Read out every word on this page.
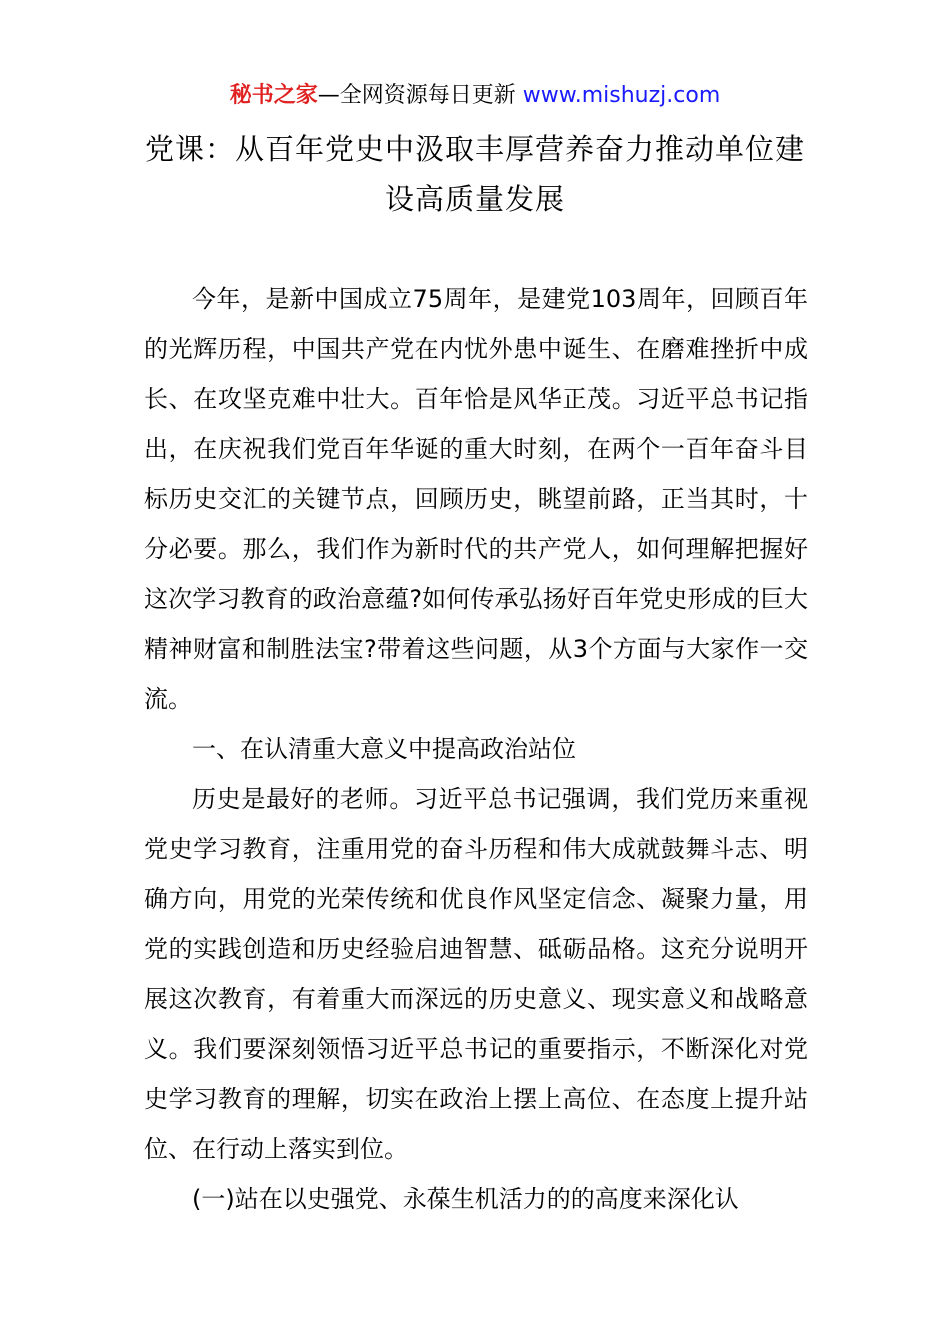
秘书之家—全网资源每日更新 www.mishuzj.com
党课：从百年党史中汲取丰厚营养奋力推动单位建设高质量发展

今年，是新中国成立75周年，是建党103周年，回顾百年的光辉历程，中国共产党在内忧外患中诞生、在磨难挫折中成长、在攻坚克难中壮大。百年恰是风华正茂。习近平总书记指出，在庆祝我们党百年华诞的重大时刻，在两个一百年奋斗目标历史交汇的关键节点，回顾历史，眺望前路，正当其时，十分必要。那么，我们作为新时代的共产党人，如何理解把握好这次学习教育的政治意蕴?如何传承弘扬好百年党史形成的巨大精神财富和制胜法宝?带着这些问题，从3个方面与大家作一交流。

一、在认清重大意义中提高政治站位

历史是最好的老师。习近平总书记强调，我们党历来重视党史学习教育，注重用党的奋斗历程和伟大成就鼓舞斗志、明确方向，用党的光荣传统和优良作风坚定信念、凝聚力量，用党的实践创造和历史经验启迪智慧、砥砺品格。这充分说明开展这次教育，有着重大而深远的历史意义、现实意义和战略意义。我们要深刻领悟习近平总书记的重要指示，不断深化对党史学习教育的理解，切实在政治上摆上高位、在态度上提升站位、在行动上落实到位。

(一)站在以史强党、永葆生机活力的的高度来深化认
